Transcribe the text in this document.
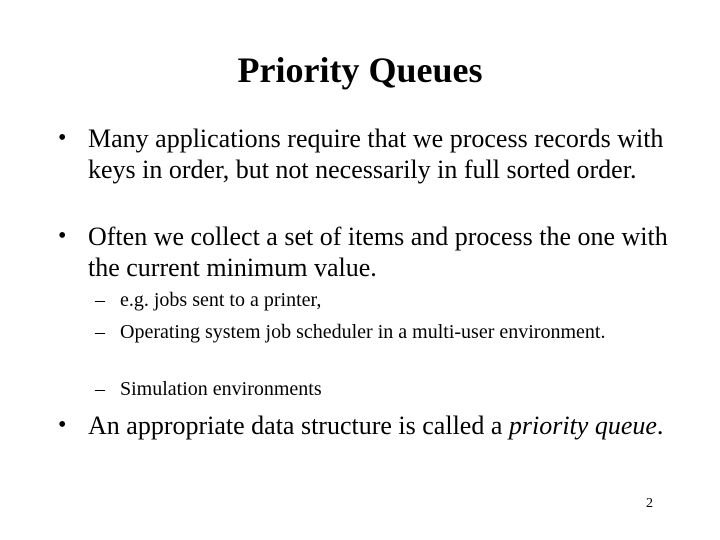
Priority Queues
• Many applications require that we process records with keys in order, but not necessarily in full sorted order.
• Often we collect a set of items and process the one with the current minimum value.
– e.g. jobs sent to a printer,
– Operating system job scheduler in a multi-user environment.
– Simulation environments
• An appropriate data structure is called a priority queue.
2
